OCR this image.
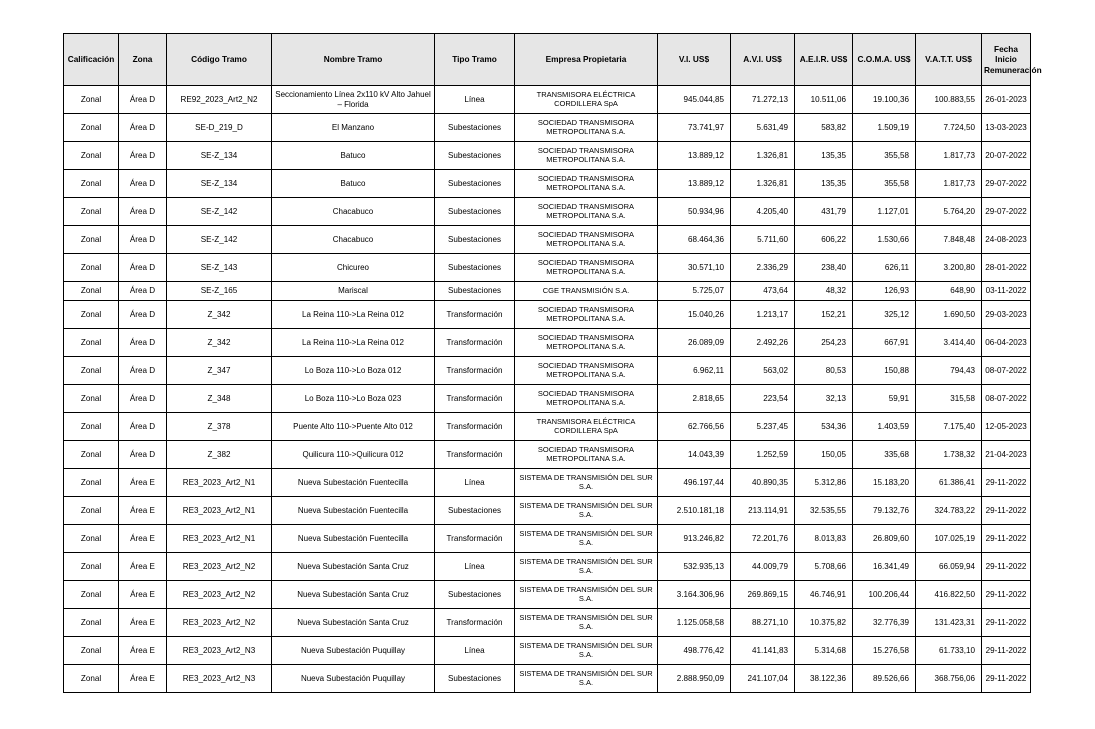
Calificación	Zona	Código Tramo	Nombre Tramo	Tipo Tramo	Empresa Propietaria	V.I. US$	A.V.I. US$	A.E.I.R. US$	C.O.M.A. US$	V.A.T.T. US$	Fecha Inicio Remuneración
Zonal	Área D	RE92_2023_Art2_N2	Seccionamiento Línea 2x110 kV Alto Jahuel – Florida	Línea	TRANSMISORA ELÉCTRICA CORDILLERA SpA	945.044,85	71.272,13	10.511,06	19.100,36	100.883,55	26-01-2023
Zonal	Área D	SE-D_219_D	El Manzano	Subestaciones	SOCIEDAD TRANSMISORA METROPOLITANA S.A.	73.741,97	5.631,49	583,82	1.509,19	7.724,50	13-03-2023
Zonal	Área D	SE-Z_134	Batuco	Subestaciones	SOCIEDAD TRANSMISORA METROPOLITANA S.A.	13.889,12	1.326,81	135,35	355,58	1.817,73	20-07-2022
Zonal	Área D	SE-Z_134	Batuco	Subestaciones	SOCIEDAD TRANSMISORA METROPOLITANA S.A.	13.889,12	1.326,81	135,35	355,58	1.817,73	29-07-2022
Zonal	Área D	SE-Z_142	Chacabuco	Subestaciones	SOCIEDAD TRANSMISORA METROPOLITANA S.A.	50.934,96	4.205,40	431,79	1.127,01	5.764,20	29-07-2022
Zonal	Área D	SE-Z_142	Chacabuco	Subestaciones	SOCIEDAD TRANSMISORA METROPOLITANA S.A.	68.464,36	5.711,60	606,22	1.530,66	7.848,48	24-08-2023
Zonal	Área D	SE-Z_143	Chicureo	Subestaciones	SOCIEDAD TRANSMISORA METROPOLITANA S.A.	30.571,10	2.336,29	238,40	626,11	3.200,80	28-01-2022
Zonal	Área D	SE-Z_165	Mariscal	Subestaciones	CGE TRANSMISIÓN S.A.	5.725,07	473,64	48,32	126,93	648,90	03-11-2022
Zonal	Área D	Z_342	La Reina 110->La Reina 012	Transformación	SOCIEDAD TRANSMISORA METROPOLITANA S.A.	15.040,26	1.213,17	152,21	325,12	1.690,50	29-03-2023
Zonal	Área D	Z_342	La Reina 110->La Reina 012	Transformación	SOCIEDAD TRANSMISORA METROPOLITANA S.A.	26.089,09	2.492,26	254,23	667,91	3.414,40	06-04-2023
Zonal	Área D	Z_347	Lo Boza 110->Lo Boza 012	Transformación	SOCIEDAD TRANSMISORA METROPOLITANA S.A.	6.962,11	563,02	80,53	150,88	794,43	08-07-2022
Zonal	Área D	Z_348	Lo Boza 110->Lo Boza 023	Transformación	SOCIEDAD TRANSMISORA METROPOLITANA S.A.	2.818,65	223,54	32,13	59,91	315,58	08-07-2022
Zonal	Área D	Z_378	Puente Alto 110->Puente Alto 012	Transformación	TRANSMISORA ELÉCTRICA CORDILLERA SpA	62.766,56	5.237,45	534,36	1.403,59	7.175,40	12-05-2023
Zonal	Área D	Z_382	Quilicura 110->Quilicura 012	Transformación	SOCIEDAD TRANSMISORA METROPOLITANA S.A.	14.043,39	1.252,59	150,05	335,68	1.738,32	21-04-2023
Zonal	Área E	RE3_2023_Art2_N1	Nueva Subestación Fuentecilla	Línea	SISTEMA DE TRANSMISIÓN DEL SUR S.A.	496.197,44	40.890,35	5.312,86	15.183,20	61.386,41	29-11-2022
Zonal	Área E	RE3_2023_Art2_N1	Nueva Subestación Fuentecilla	Subestaciones	SISTEMA DE TRANSMISIÓN DEL SUR S.A.	2.510.181,18	213.114,91	32.535,55	79.132,76	324.783,22	29-11-2022
Zonal	Área E	RE3_2023_Art2_N1	Nueva Subestación Fuentecilla	Transformación	SISTEMA DE TRANSMISIÓN DEL SUR S.A.	913.246,82	72.201,76	8.013,83	26.809,60	107.025,19	29-11-2022
Zonal	Área E	RE3_2023_Art2_N2	Nueva Subestación Santa Cruz	Línea	SISTEMA DE TRANSMISIÓN DEL SUR S.A.	532.935,13	44.009,79	5.708,66	16.341,49	66.059,94	29-11-2022
Zonal	Área E	RE3_2023_Art2_N2	Nueva Subestación Santa Cruz	Subestaciones	SISTEMA DE TRANSMISIÓN DEL SUR S.A.	3.164.306,96	269.869,15	46.746,91	100.206,44	416.822,50	29-11-2022
Zonal	Área E	RE3_2023_Art2_N2	Nueva Subestación Santa Cruz	Transformación	SISTEMA DE TRANSMISIÓN DEL SUR S.A.	1.125.058,58	88.271,10	10.375,82	32.776,39	131.423,31	29-11-2022
Zonal	Área E	RE3_2023_Art2_N3	Nueva Subestación Puquillay	Línea	SISTEMA DE TRANSMISIÓN DEL SUR S.A.	498.776,42	41.141,83	5.314,68	15.276,58	61.733,10	29-11-2022
Zonal	Área E	RE3_2023_Art2_N3	Nueva Subestación Puquillay	Subestaciones	SISTEMA DE TRANSMISIÓN DEL SUR S.A.	2.888.950,09	241.107,04	38.122,36	89.526,66	368.756,06	29-11-2022
